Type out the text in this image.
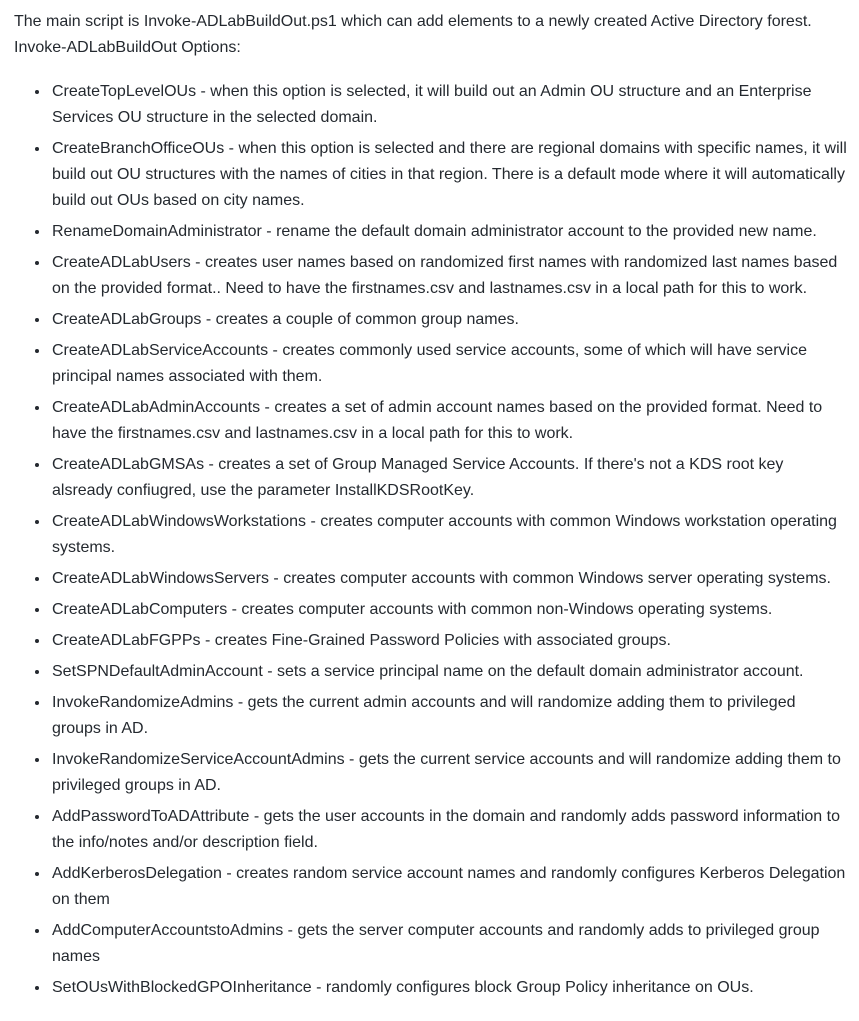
The main script is Invoke-ADLabBuildOut.ps1 which can add elements to a newly created Active Directory forest.
Invoke-ADLabBuildOut Options:

• CreateTopLevelOUs - when this option is selected, it will build out an Admin OU structure and an Enterprise Services OU structure in the selected domain.
• CreateBranchOfficeOUs - when this option is selected and there are regional domains with specific names, it will build out OU structures with the names of cities in that region. There is a default mode where it will automatically build out OUs based on city names.
• RenameDomainAdministrator - rename the default domain administrator account to the provided new name.
• CreateADLabUsers - creates user names based on randomized first names with randomized last names based on the provided format.. Need to have the firstnames.csv and lastnames.csv in a local path for this to work.
• CreateADLabGroups - creates a couple of common group names.
• CreateADLabServiceAccounts - creates commonly used service accounts, some of which will have service principal names associated with them.
• CreateADLabAdminAccounts - creates a set of admin account names based on the provided format. Need to have the firstnames.csv and lastnames.csv in a local path for this to work.
• CreateADLabGMSAs - creates a set of Group Managed Service Accounts. If there's not a KDS root key alsready confiugred, use the parameter InstallKDSRootKey.
• CreateADLabWindowsWorkstations - creates computer accounts with common Windows workstation operating systems.
• CreateADLabWindowsServers - creates computer accounts with common Windows server operating systems.
• CreateADLabComputers - creates computer accounts with common non-Windows operating systems.
• CreateADLabFGPPs - creates Fine-Grained Password Policies with associated groups.
• SetSPNDefaultAdminAccount - sets a service principal name on the default domain administrator account.
• InvokeRandomizeAdmins - gets the current admin accounts and will randomize adding them to privileged groups in AD.
• InvokeRandomizeServiceAccountAdmins - gets the current service accounts and will randomize adding them to privileged groups in AD.
• AddPasswordToADAttribute - gets the user accounts in the domain and randomly adds password information to the info/notes and/or description field.
• AddKerberosDelegation - creates random service account names and randomly configures Kerberos Delegation on them
• AddComputerAccountstoAdmins - gets the server computer accounts and randomly adds to privileged group names
• SetOUsWithBlockedGPOInheritance - randomly configures block Group Policy inheritance on OUs.
